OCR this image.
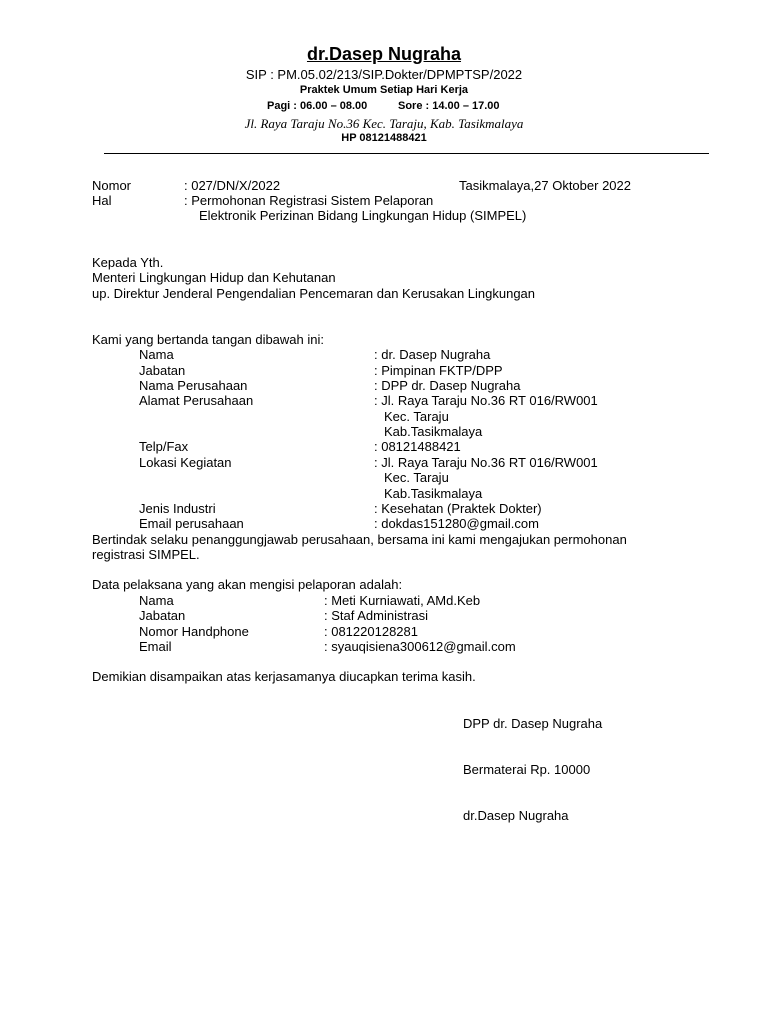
dr.Dasep Nugraha
SIP : PM.05.02/213/SIP.Dokter/DPMPTSP/2022
Praktek Umum Setiap Hari Kerja
Pagi : 06.00 – 08.00	Sore : 14.00 – 17.00
Jl. Raya Taraju No.36 Kec. Taraju, Kab. Tasikmalaya
HP 08121488421
Nomor	: 027/DN/X/2022	Tasikmalaya,27 Oktober 2022
Hal	: Permohonan Registrasi Sistem Pelaporan
Elektronik Perizinan Bidang Lingkungan Hidup (SIMPEL)
Kepada Yth.
Menteri Lingkungan Hidup dan Kehutanan
up. Direktur Jenderal Pengendalian Pencemaran dan Kerusakan Lingkungan
Kami yang bertanda tangan dibawah ini:
Nama	: dr. Dasep Nugraha
Jabatan	: Pimpinan FKTP/DPP
Nama Perusahaan	: DPP dr. Dasep Nugraha
Alamat Perusahaan	: Jl. Raya Taraju No.36 RT 016/RW001
Kec. Taraju
Kab.Tasikmalaya
Telp/Fax	: 08121488421
Lokasi Kegiatan	: Jl. Raya Taraju No.36 RT 016/RW001
Kec. Taraju
Kab.Tasikmalaya
Jenis Industri	: Kesehatan (Praktek Dokter)
Email perusahaan	: dokdas151280@gmail.com
Bertindak selaku penanggungjawab perusahaan, bersama ini kami mengajukan permohonan
registrasi SIMPEL.
Data pelaksana yang akan mengisi pelaporan adalah:
Nama	: Meti Kurniawati, AMd.Keb
Jabatan	: Staf Administrasi
Nomor Handphone	: 081220128281
Email	: syauqisiena300612@gmail.com
Demikian disampaikan atas kerjasamanya diucapkan terima kasih.
DPP dr. Dasep Nugraha
Bermaterai Rp. 10000
dr.Dasep Nugraha
